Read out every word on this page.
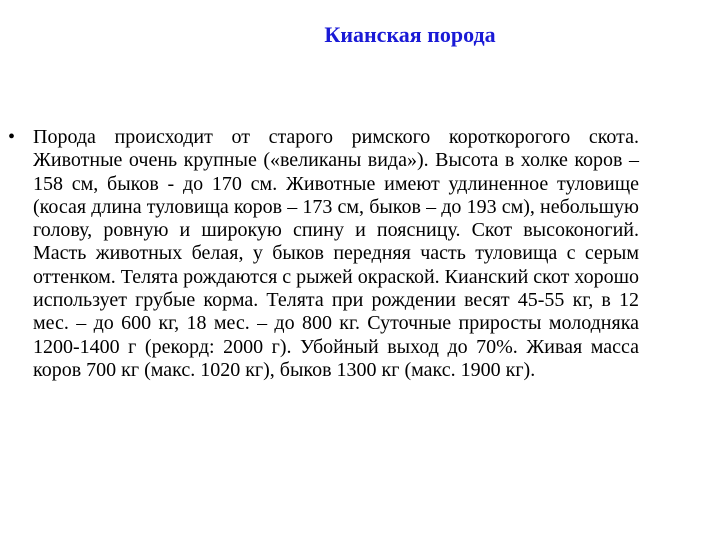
Кианская порода
• Порода происходит от старого римского короткорогого скота. Животные очень крупные («великаны вида»). Высота в холке коров – 158 см, быков - до 170 см. Животные имеют удлиненное туловище (косая длина туловища коров – 173 см, быков – до 193 см), небольшую голову, ровную и широкую спину и поясницу. Скот высоконогий. Масть животных белая, у быков передняя часть туловища с серым оттенком. Телята рождаются с рыжей окраской. Кианский скот хорошо использует грубые корма. Телята при рождении весят 45-55 кг, в 12 мес. – до 600 кг, 18 мес. – до 800 кг. Суточные приросты молодняка 1200-1400 г (рекорд: 2000 г). Убойный выход до 70%. Живая масса коров 700 кг (макс. 1020 кг), быков 1300 кг (макс. 1900 кг).
